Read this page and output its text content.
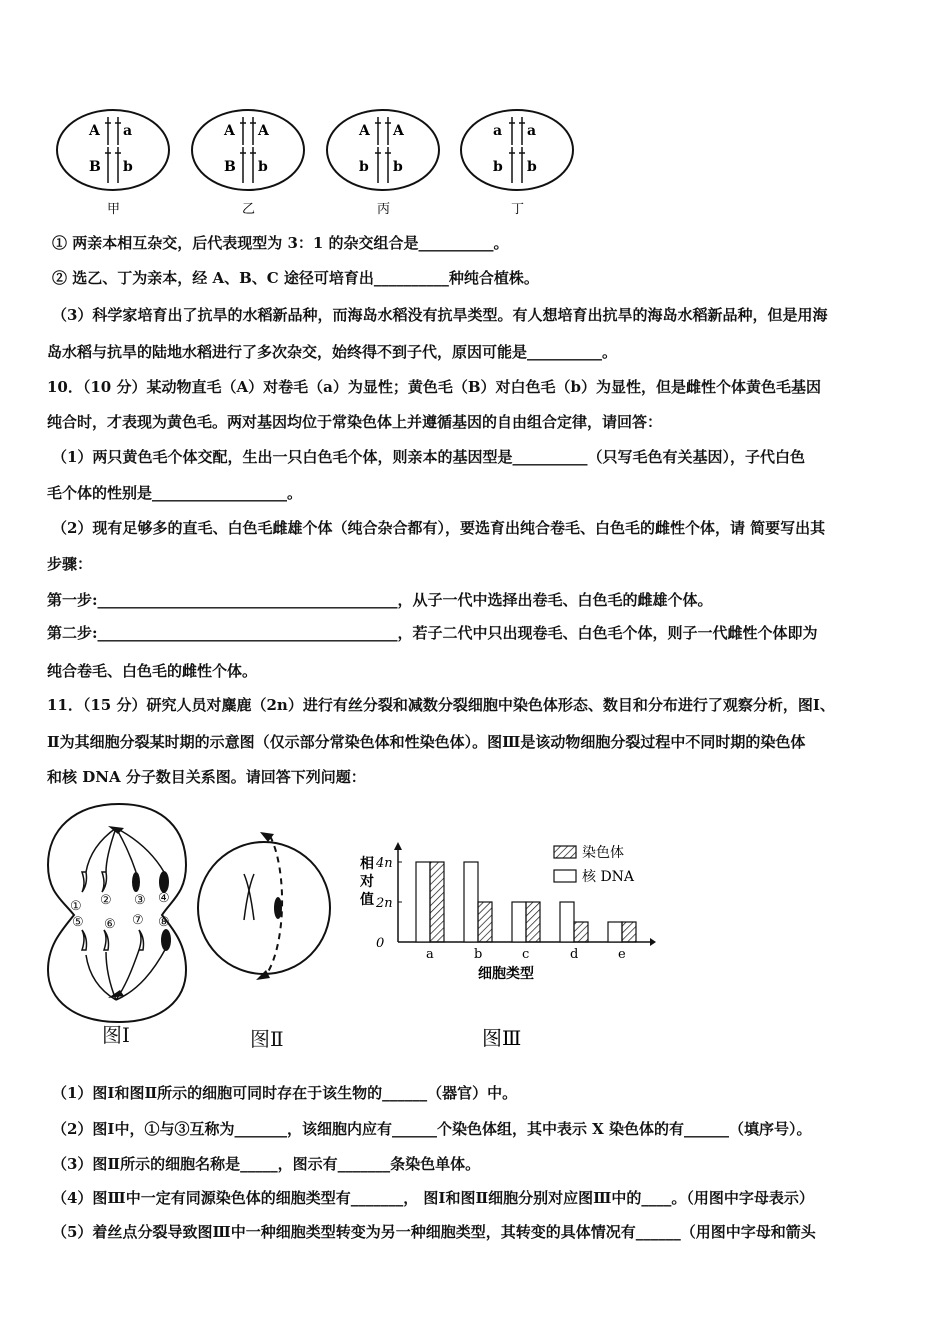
A a
B b
甲
A A
B b
乙
A A
b b
丙
a a
b b
丁
① 两亲本相互杂交，后代表现型为 3：1 的杂交组合是__________。
② 选乙、丁为亲本，经 A、B、C 途径可培育出__________种纯合植株。
（3）科学家培育出了抗旱的水稻新品种，而海岛水稻没有抗旱类型。有人想培育出抗旱的海岛水稻新品种，但是用海
岛水稻与抗旱的陆地水稻进行了多次杂交，始终得不到子代，原因可能是__________。
10．（10 分）某动物直毛（A）对卷毛（a）为显性；黄色毛（B）对白色毛（b）为显性，但是雌性个体黄色毛基因
纯合时，才表现为黄色毛。两对基因均位于常染色体上并遵循基因的自由组合定律，请回答：
（1）两只黄色毛个体交配，生出一只白色毛个体，则亲本的基因型是__________（只写毛色有关基因），子代白色
毛个体的性别是__________________。
（2）现有足够多的直毛、白色毛雌雄个体（纯合杂合都有），要选育出纯合卷毛、白色毛的雌性个体，请 简要写出其
步骤：
第一步:________________________________________，从子一代中选择出卷毛、白色毛的雌雄个体。
第二步:________________________________________，若子二代中只出现卷毛、白色毛个体，则子一代雌性个体即为
纯合卷毛、白色毛的雌性个体。
11．（15 分）研究人员对麋鹿（2n）进行有丝分裂和减数分裂细胞中染色体形态、数目和分布进行了观察分析，图Ⅰ、
Ⅱ为其细胞分裂某时期的示意图（仅示部分常染色体和性染色体）。图Ⅲ是该动物细胞分裂过程中不同时期的染色体
和核 DNA 分子数目关系图。请回答下列问题：
（1）图Ⅰ和图Ⅱ所示的细胞可同时存在于该生物的______（器官）中。
（2）图Ⅰ中，①与③互称为_______，该细胞内应有______个染色体组，其中表示 X 染色体的有______（填序号）。
（3）图Ⅱ所示的细胞名称是_____，图示有_______条染色单体。
（4）图Ⅲ中一定有同源染色体的细胞类型有_______， 图Ⅰ和图Ⅱ细胞分别对应图Ⅲ中的____。（用图中字母表示）
（5）着丝点分裂导致图Ⅲ中一种细胞类型转变为另一种细胞类型，其转变的具体情况有______（用图中字母和箭头
① ② ③ ④
⑤ ⑥ ⑦ ⑧
图Ⅰ	图Ⅱ
相
对
值
0
2n
4n
a	b	c	d	e
细胞类型
染色体
核 DNA
图Ⅲ
